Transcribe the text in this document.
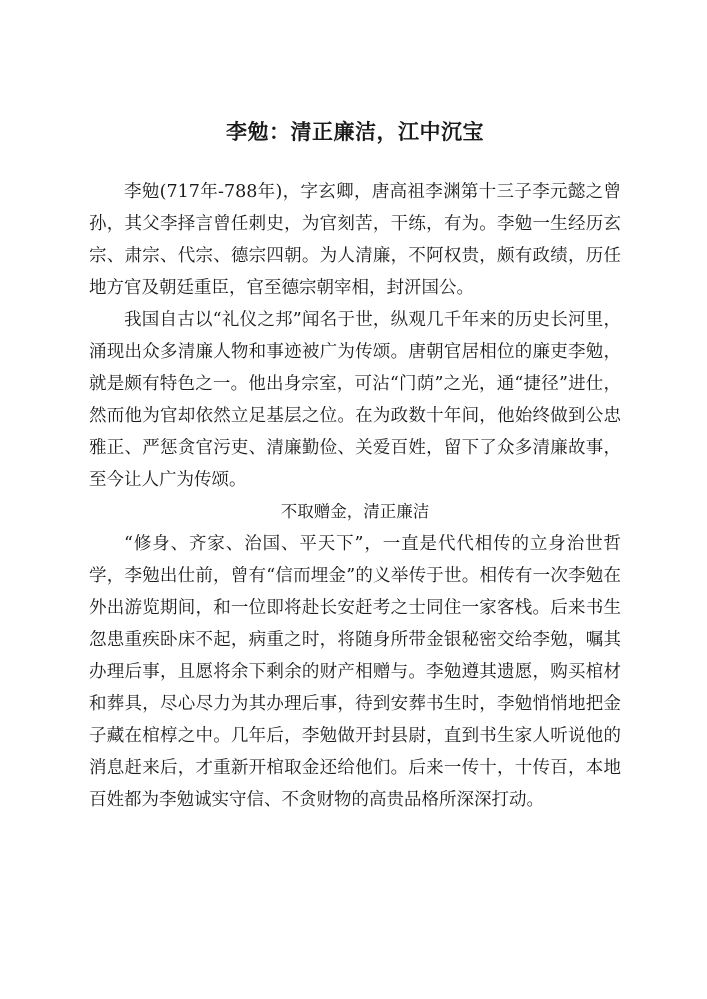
李勉：清正廉洁，江中沉宝

李勉(717年-788年)，字玄卿，唐高祖李渊第十三子李元懿之曾孙，其父李择言曾任刺史，为官刻苦，干练，有为。李勉一生经历玄宗、肃宗、代宗、德宗四朝。为人清廉，不阿权贵，颇有政绩，历任地方官及朝廷重臣，官至德宗朝宰相，封汧国公。

我国自古以“礼仪之邦”闻名于世，纵观几千年来的历史长河里，涌现出众多清廉人物和事迹被广为传颂。唐朝官居相位的廉吏李勉，就是颇有特色之一。他出身宗室，可沾“门荫”之光，通“捷径”进仕，然而他为官却依然立足基层之位。在为政数十年间，他始终做到公忠雅正、严惩贪官污吏、清廉勤俭、关爱百姓，留下了众多清廉故事，至今让人广为传颂。

不取赠金，清正廉洁

“修身、齐家、治国、平天下”，一直是代代相传的立身治世哲学，李勉出仕前，曾有“信而埋金”的义举传于世。相传有一次李勉在外出游览期间，和一位即将赴长安赶考之士同住一家客栈。后来书生忽患重疾卧床不起，病重之时，将随身所带金银秘密交给李勉，嘱其办理后事，且愿将余下剩余的财产相赠与。李勉遵其遗愿，购买棺材和葬具，尽心尽力为其办理后事，待到安葬书生时，李勉悄悄地把金子藏在棺椁之中。几年后，李勉做开封县尉，直到书生家人听说他的消息赶来后，才重新开棺取金还给他们。后来一传十，十传百，本地百姓都为李勉诚实守信、不贪财物的高贵品格所深深打动。
